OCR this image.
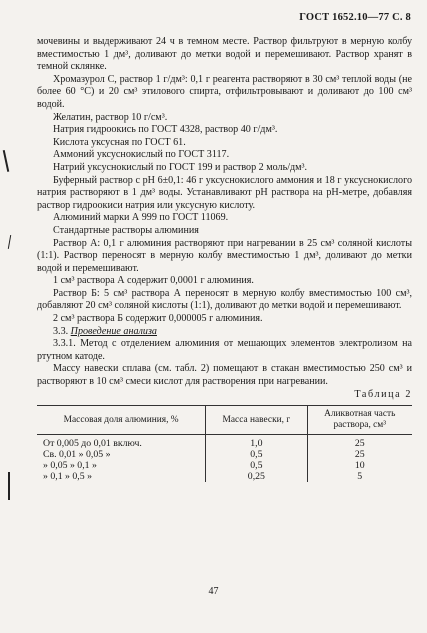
ГОСТ 1652.10—77 С. 8

мочевины и выдерживают 24 ч в темном месте. Раствор фильтруют в мерную колбу вместимостью 1 дм³, доливают до метки водой и перемешивают. Раствор хранят в темной склянке.

Хромазурол С, раствор 1 г/дм³: 0,1 г реагента растворяют в 30 см³ теплой воды (не более 60 °С) и 20 см³ этилового спирта, отфильтровывают и доливают до 100 см³ водой.

Желатин, раствор 10 г/см³.

Натрия гидроокись по ГОСТ 4328, раствор 40 г/дм³.

Кислота уксусная по ГОСТ 61.

Аммоний уксуснокислый по ГОСТ 3117.

Натрий уксуснокислый по ГОСТ 199 и раствор 2 моль/дм³.

Буферный раствор с рН 6±0,1: 46 г уксуснокислого аммония и 18 г уксуснокислого натрия растворяют в 1 дм³ воды. Устанавливают рН раствора на рН-метре, добавляя раствор гидроокиси натрия или уксусную кислоту.

Алюминий марки А 999 по ГОСТ 11069.

Стандартные растворы алюминия

Раствор А: 0,1 г алюминия растворяют при нагревании в 25 см³ соляной кислоты (1:1). Раствор переносят в мерную колбу вместимостью 1 дм³, доливают до метки водой и перемешивают.

1 см³ раствора А содержит 0,0001 г алюминия.

Раствор Б: 5 см³ раствора А переносят в мерную колбу вместимостью 100 см³, добавляют 20 см³ соляной кислоты (1:1), доливают до метки водой и перемешивают.

2 см³ раствора Б содержит 0,000005 г алюминия.

3.3. Проведение анализа

3.3.1. Метод с отделением алюминия от мешающих элементов электролизом на ртутном катоде.

Массу навески сплава (см. табл. 2) помещают в стакан вместимостью 250 см³ и растворяют в 10 см³ смеси кислот для растворения при нагревании.

Таблица 2

Массовая доля алюминия, %	Масса навески, г	Аликвотная часть раствора, см³
От 0,005 до 0,01 включ.	1,0	25
Св. 0,01 » 0,05 »	0,5	25
» 0,05 » 0,1 »	0,5	10
» 0,1 » 0,5 »	0,25	5
47
